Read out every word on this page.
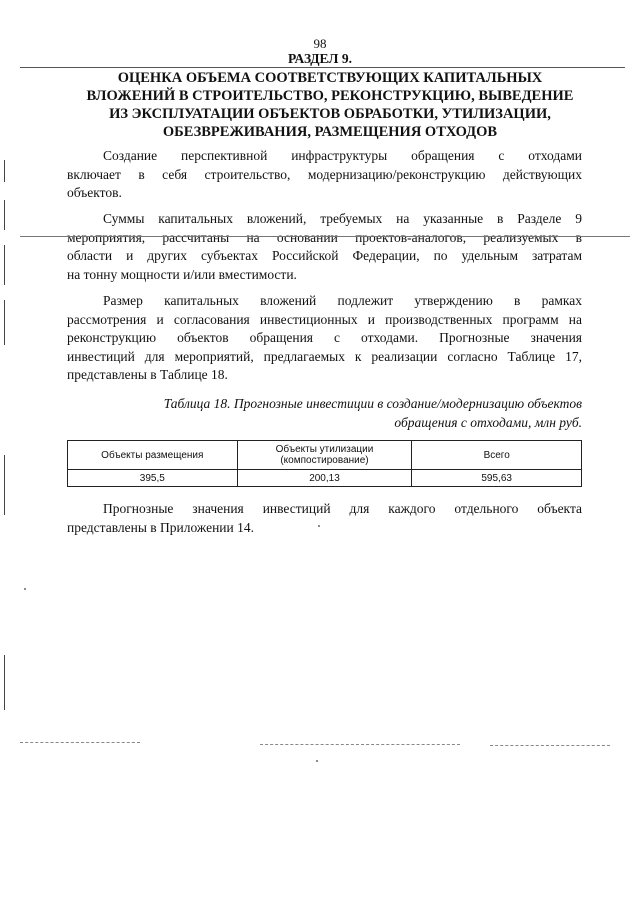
98
РАЗДЕЛ 9.
ОЦЕНКА ОБЪЕМА СООТВЕТСТВУЮЩИХ КАПИТАЛЬНЫХ
ВЛОЖЕНИЙ В СТРОИТЕЛЬСТВО, РЕКОНСТРУКЦИЮ, ВЫВЕДЕНИЕ
ИЗ ЭКСПЛУАТАЦИИ ОБЪЕКТОВ ОБРАБОТКИ, УТИЛИЗАЦИИ,
ОБЕЗВРЕЖИВАНИЯ, РАЗМЕЩЕНИЯ ОТХОДОВ

Создание перспективной инфраструктуры обращения с отходами
включает в себя строительство, модернизацию/реконструкцию действующих
объектов.

Суммы капитальных вложений, требуемых на указанные в Разделе 9
мероприятия, рассчитаны на основании проектов-аналогов, реализуемых в
области и других субъектах Российской Федерации, по удельным затратам
на тонну мощности и/или вместимости.

Размер капитальных вложений подлежит утверждению в рамках
рассмотрения и согласования инвестиционных и производственных программ на
реконструкцию объектов обращения с отходами. Прогнозные значения
инвестиций для мероприятий, предлагаемых к реализации согласно Таблице 17,
представлены в Таблице 18.

Таблица 18. Прогнозные инвестиции в создание/модернизацию объектов
обращения с отходами, млн руб.
Объекты размещения	Объекты утилизации (компостирование)	Всего
395,5	200,13	595,63

Прогнозные значения инвестиций для каждого отдельного объекта
представлены в Приложении 14.
